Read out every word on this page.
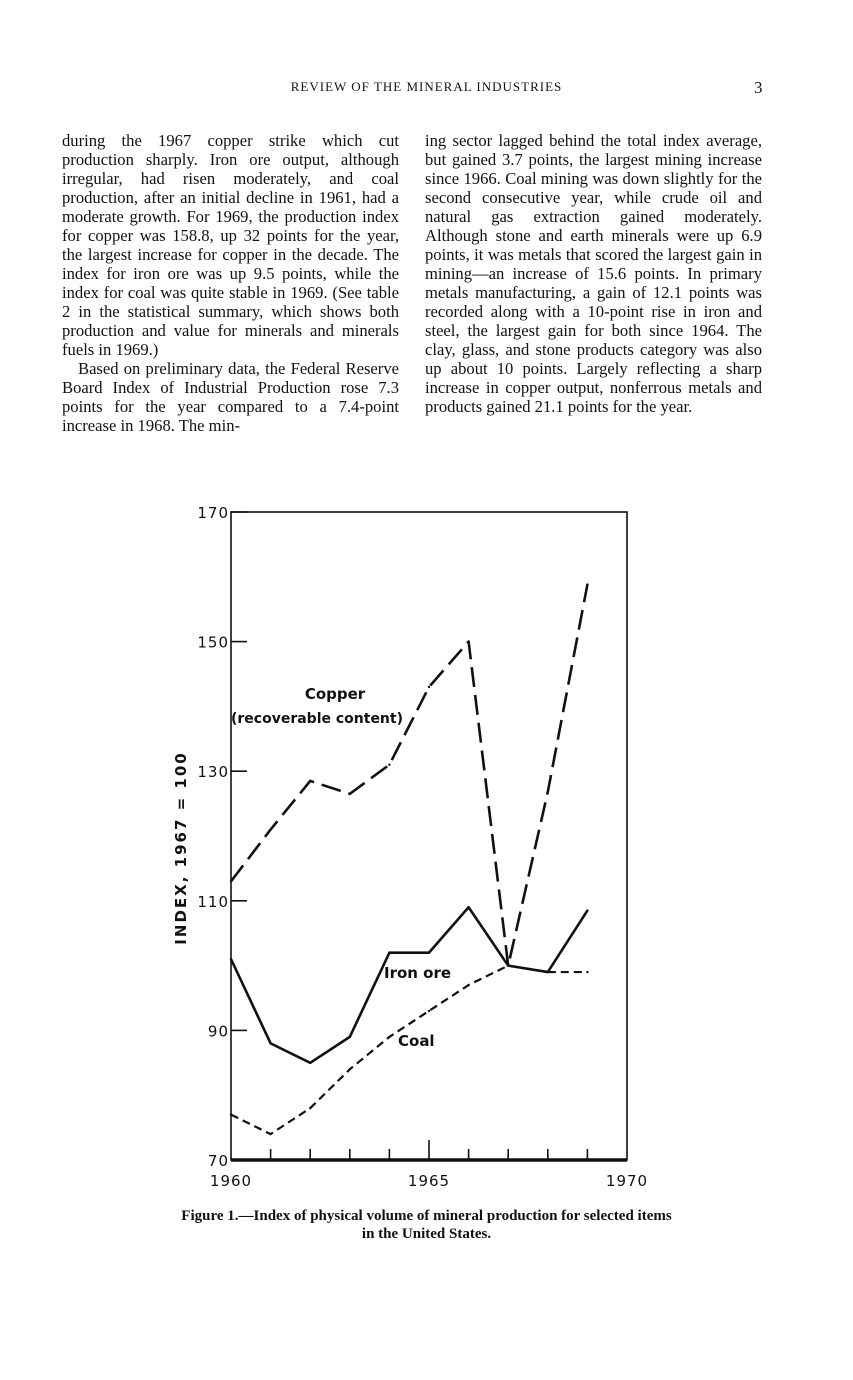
REVIEW OF THE MINERAL INDUSTRIES	3

during the 1967 copper strike which cut production sharply. Iron ore output, although irregular, had risen moderately, and coal production, after an initial decline in 1961, had a moderate growth. For 1969, the production index for copper was 158.8, up 32 points for the year, the largest increase for copper in the decade. The index for iron ore was up 9.5 points, while the index for coal was quite stable in 1969. (See table 2 in the statistical summary, which shows both production and value for minerals and minerals fuels in 1969.)

Based on preliminary data, the Federal Reserve Board Index of Industrial Production rose 7.3 points for the year compared to a 7.4-point increase in 1968. The min-

ing sector lagged behind the total index average, but gained 3.7 points, the largest mining increase since 1966. Coal mining was down slightly for the second consecutive year, while crude oil and natural gas extraction gained moderately. Although stone and earth minerals were up 6.9 points, it was metals that scored the largest gain in mining—an increase of 15.6 points. In primary metals manufacturing, a gain of 12.1 points was recorded along with a 10-point rise in iron and steel, the largest gain for both since 1964. The clay, glass, and stone products category was also up about 10 points. Largely reflecting a sharp increase in copper output, nonferrous metals and products gained 21.1 points for the year.

70
90
110
130
150
170
1960	1965	1970
INDEX, 1967 = 100
Copper
(recoverable content)
Iron ore
Coal
Figure 1.—Index of physical volume of mineral production for selected items
in the United States.
